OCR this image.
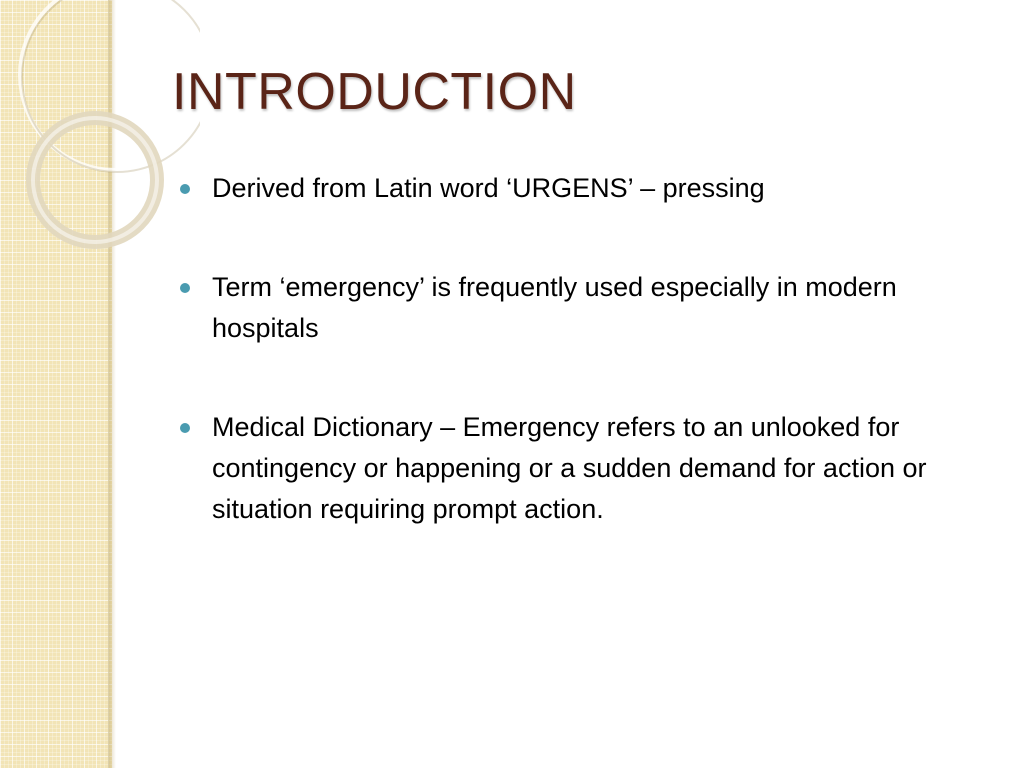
INTRODUCTION
Derived from Latin word ‘URGENS’ – pressing
Term ‘emergency’ is frequently used especially in modern hospitals
Medical Dictionary – Emergency refers to an unlooked for contingency or happening or a sudden demand for action or situation requiring prompt action.
